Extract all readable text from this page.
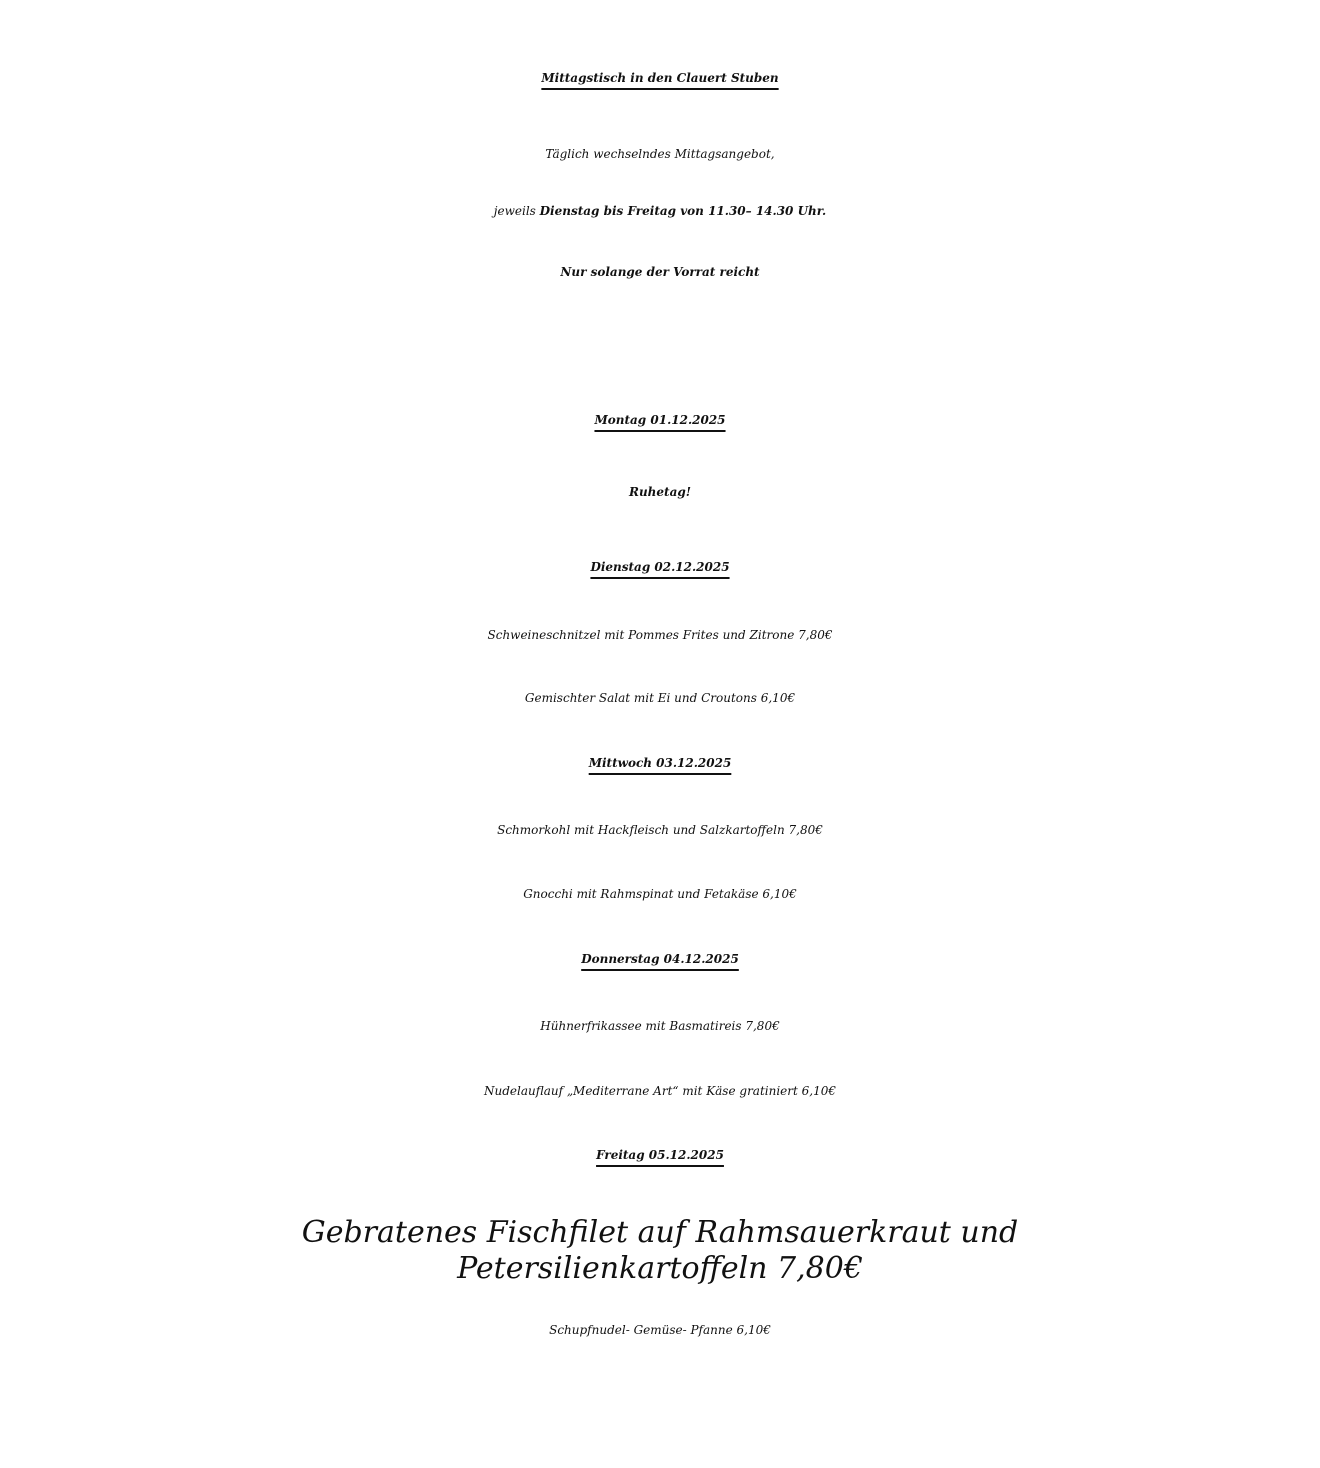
Mittagstisch in den Clauert Stuben
Täglich wechselndes Mittagsangebot,
jeweils Dienstag bis Freitag von 11.30– 14.30 Uhr.
Nur solange der Vorrat reicht
Montag 01.12.2025
Ruhetag!
Dienstag 02.12.2025
Schweineschnitzel mit Pommes Frites und Zitrone 7,80€
Gemischter Salat mit Ei und Croutons 6,10€
Mittwoch 03.12.2025
Schmorkohl mit Hackfleisch und Salzkartoffeln 7,80€
Gnocchi mit Rahmspinat und Fetakäse 6,10€
Donnerstag 04.12.2025
Hühnerfrikassee mit Basmatireis 7,80€
Nudelauflauf „Mediterrane Art“ mit Käse gratiniert 6,10€
Freitag 05.12.2025
Gebratenes Fischfilet auf Rahmsauerkraut und Petersilienkartoffeln 7,80€
Schupfnudel- Gemüse- Pfanne 6,10€
